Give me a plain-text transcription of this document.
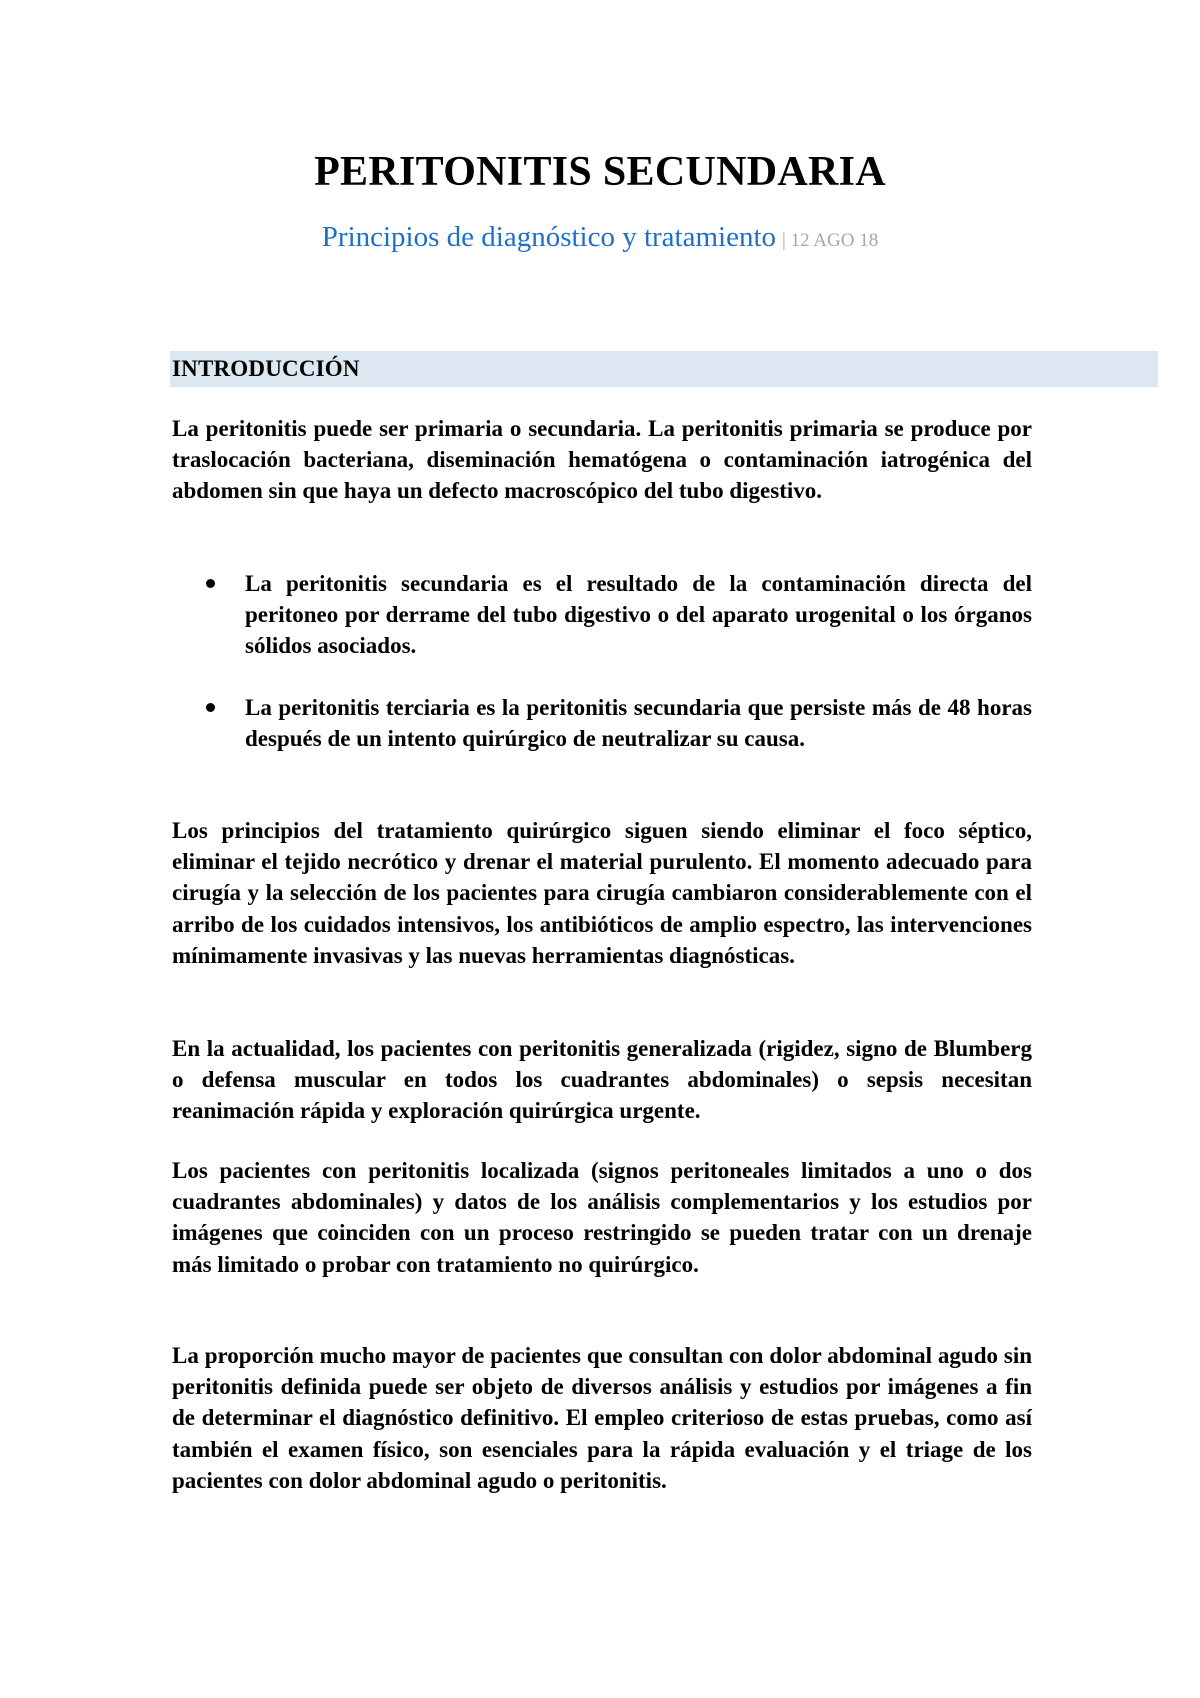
PERITONITIS SECUNDARIA
Principios de diagnóstico y tratamiento | 12 AGO 18
INTRODUCCIÓN

La peritonitis puede ser primaria o secundaria. La peritonitis primaria se produce por traslocación bacteriana, diseminación hematógena o contaminación iatrogénica del abdomen sin que haya un defecto macroscópico del tubo digestivo.

La peritonitis secundaria es el resultado de la contaminación directa del peritoneo por derrame del tubo digestivo o del aparato urogenital o los órganos sólidos asociados.
La peritonitis terciaria es la peritonitis secundaria que persiste más de 48 horas después de un intento quirúrgico de neutralizar su causa.

Los principios del tratamiento quirúrgico siguen siendo eliminar el foco séptico, eliminar el tejido necrótico y drenar el material purulento. El momento adecuado para cirugía y la selección de los pacientes para cirugía cambiaron considerablemente con el arribo de los cuidados intensivos, los antibióticos de amplio espectro, las intervenciones mínimamente invasivas y las nuevas herramientas diagnósticas.

En la actualidad, los pacientes con peritonitis generalizada (rigidez, signo de Blumberg o defensa muscular en todos los cuadrantes abdominales) o sepsis necesitan reanimación rápida y exploración quirúrgica urgente.

Los pacientes con peritonitis localizada (signos peritoneales limitados a uno o dos cuadrantes abdominales) y datos de los análisis complementarios y los estudios por imágenes que coinciden con un proceso restringido se pueden tratar con un drenaje más limitado o probar con tratamiento no quirúrgico.

La proporción mucho mayor de pacientes que consultan con dolor abdominal agudo sin peritonitis definida puede ser objeto de diversos análisis y estudios por imágenes a fin de determinar el diagnóstico definitivo. El empleo criterioso de estas pruebas, como así también el examen físico, son esenciales para la rápida evaluación y el triage de los pacientes con dolor abdominal agudo o peritonitis.
